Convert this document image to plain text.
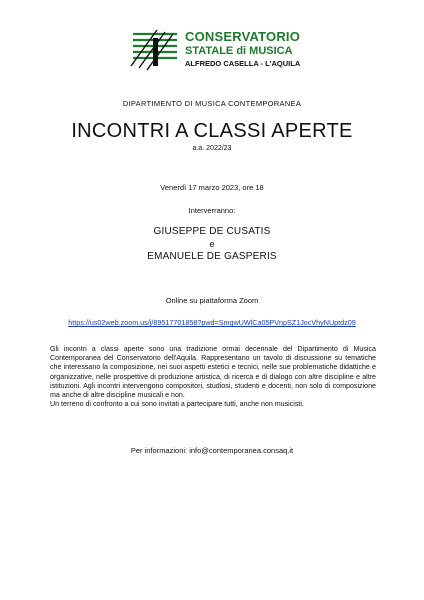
CONSERVATORIO
STATALE di MUSICA
ALFREDO CASELLA - L'AQUILA
DIPARTIMENTO DI MUSICA CONTEMPORANEA
INCONTRI A CLASSI APERTE
a.a. 2022/23
Venerdì 17 marzo 2023, ore 18
Interverranno:
GIUSEPPE DE CUSATIS
e
EMANUELE DE GASPERIS
Online su piattaforma Zoom
https://us02web.zoom.us/j/89517701858?pwd=SmgwUWlCa05PVnpSZ1JocVhyNUptdz09

Gli incontri a classi aperte sono una tradizione ormai decennale del Dipartimento di Musica Contemporanea del Conservatorio dell'Aquila. Rappresentano un tavolo di discussione su tematiche che interessano la composizione, nei suoi aspetti estetici e tecnici, nelle sue problematiche didattiche e organizzative, nelle prospettive di produzione artistica, di ricerca e di dialogo con altre discipline e altre istituzioni. Agli incontri intervengono compositori, studiosi, studenti e docenti, non solo di composizione ma anche di altre discipline musicali e non.

Un terreno di confronto a cui sono invitati a partecipare tutti, anche non musicisti.

Per informazioni: info@contemporanea.consaq.it
